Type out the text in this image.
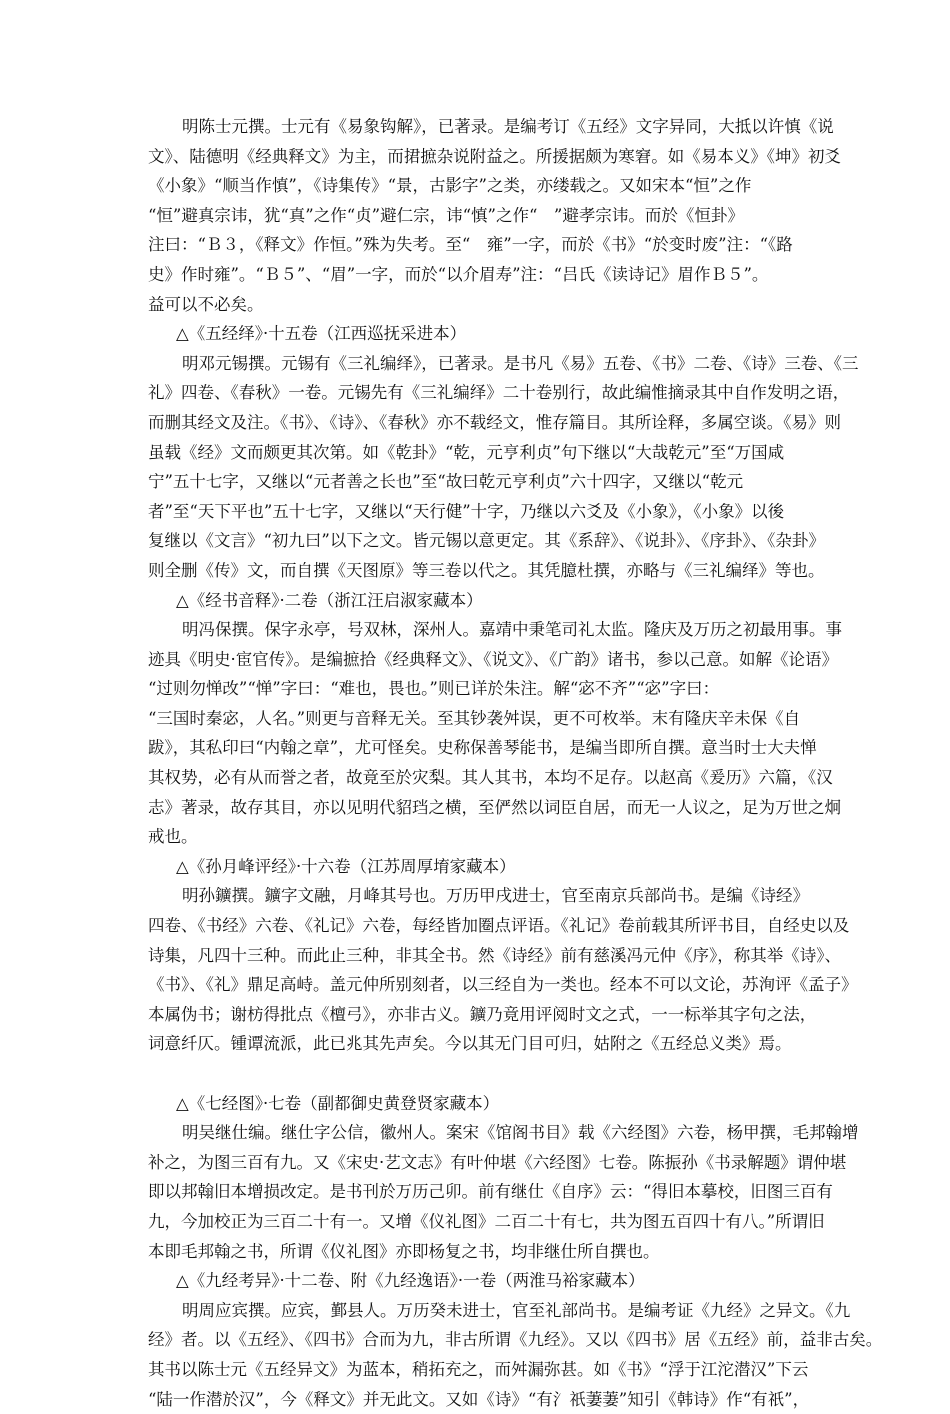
明陈士元撰。士元有《易象钩解》，已著录。是编考订《五经》文字异同，大抵以许慎《说
文》、陆德明《经典释文》为主，而捃摭杂说附益之。所援据颇为寒窘。如《易本义》《坤》初爻
《小象》“顺当作慎”，《诗集传》“景，古影字”之类，亦缕载之。又如宋本“恒”之作
“恒”避真宗讳，犹“真”之作“贞”避仁宗，讳“慎”之作“　”避孝宗讳。而於《恒卦》
注曰：“Ｂ３，《释文》作恒。”殊为失考。至“　雍”一字，而於《书》“於变时废”注：“《路
史》作时雍”。“Ｂ５”、“眉”一字，而於“以介眉寿”注：“吕氏《读诗记》眉作Ｂ５”。
益可以不必矣。
△《五经绎》·十五卷（江西巡抚采进本）
明邓元锡撰。元锡有《三礼编绎》，已著录。是书凡《易》五卷、《书》二卷、《诗》三卷、《三
礼》四卷、《春秋》一卷。元锡先有《三礼编绎》二十卷别行，故此编惟摘录其中自作发明之语，
而删其经文及注。《书》、《诗》、《春秋》亦不载经文，惟存篇目。其所诠释，多属空谈。《易》则
虽载《经》文而颇更其次第。如《乾卦》“乾，元亨利贞”句下继以“大哉乾元”至“万国咸
宁”五十七字，又继以“元者善之长也”至“故曰乾元亨利贞”六十四字，又继以“乾元
者”至“天下平也”五十七字，又继以“天行健”十字，乃继以六爻及《小象》，《小象》以後
复继以《文言》“初九曰”以下之文。皆元锡以意更定。其《系辞》、《说卦》、《序卦》、《杂卦》
则全删《传》文，而自撰《天图原》等三卷以代之。其凭臆杜撰，亦略与《三礼编绎》等也。
△《经书音释》·二卷（浙江汪启淑家藏本）
明冯保撰。保字永亭，号双林，深州人。嘉靖中秉笔司礼太监。隆庆及万历之初最用事。事
迹具《明史·宦官传》。是编摭拾《经典释文》、《说文》、《广韵》诸书，参以己意。如解《论语》
“过则勿惮改”“惮”字曰：“难也，畏也。”则已详於朱注。解“宓不齐”“宓”字曰：
“三国时秦宓，人名。”则更与音释无关。至其钞袭舛误，更不可枚举。末有隆庆辛未保《自
跋》，其私印曰“内翰之章”，尤可怪矣。史称保善琴能书，是编当即所自撰。意当时士大夫惮
其权势，必有从而誉之者，故竟至於灾梨。其人其书，本均不足存。以赵高《爰历》六篇，《汉
志》著录，故存其目，亦以见明代貂珰之横，至俨然以词臣自居，而无一人议之，足为万世之炯
戒也。
△《孙月峰评经》·十六卷（江苏周厚堉家藏本）
明孙鑛撰。鑛字文融，月峰其号也。万历甲戌进士，官至南京兵部尚书。是编《诗经》
四卷、《书经》六卷、《礼记》六卷，每经皆加圈点评语。《礼记》卷前载其所评书目，自经史以及
诗集，凡四十三种。而此止三种，非其全书。然《诗经》前有慈溪冯元仲《序》，称其举《诗》、
《书》、《礼》鼎足高峙。盖元仲所别刻者，以三经自为一类也。经本不可以文论，苏洵评《孟子》
本属伪书；谢枋得批点《檀弓》，亦非古义。鑛乃竟用评阅时文之式，一一标举其字句之法，
词意纤仄。锺谭流派，此已兆其先声矣。今以其无门目可归，姑附之《五经总义类》焉。
△《七经图》·七卷（副都御史黄登贤家藏本）
明吴继仕编。继仕字公信，徽州人。案宋《馆阁书目》载《六经图》六卷，杨甲撰，毛邦翰增
补之，为图三百有九。又《宋史·艺文志》有叶仲堪《六经图》七卷。陈振孙《书录解题》谓仲堪
即以邦翰旧本增损改定。是书刊於万历己卯。前有继仕《自序》云：“得旧本摹校，旧图三百有
九，今加校正为三百二十有一。又增《仪礼图》二百二十有七，共为图五百四十有八。”所谓旧
本即毛邦翰之书，所谓《仪礼图》亦即杨复之书，均非继仕所自撰也。
△《九经考异》·十二卷、附《九经逸语》·一卷（两淮马裕家藏本）
明周应宾撰。应宾，鄞县人。万历癸未进士，官至礼部尚书。是编考证《九经》之异文。《九
经》者。以《五经》、《四书》合而为九，非古所谓《九经》。又以《四书》居《五经》前，益非古矣。
其书以陈士元《五经异文》为蓝本，稍拓充之，而舛漏弥甚。如《书》“浮于江沱潜汉”下云
“陆一作潜於汉”，今《释文》并无此文。又如《诗》“有氵祇萋萋”知引《韩诗》作“有祇”，
